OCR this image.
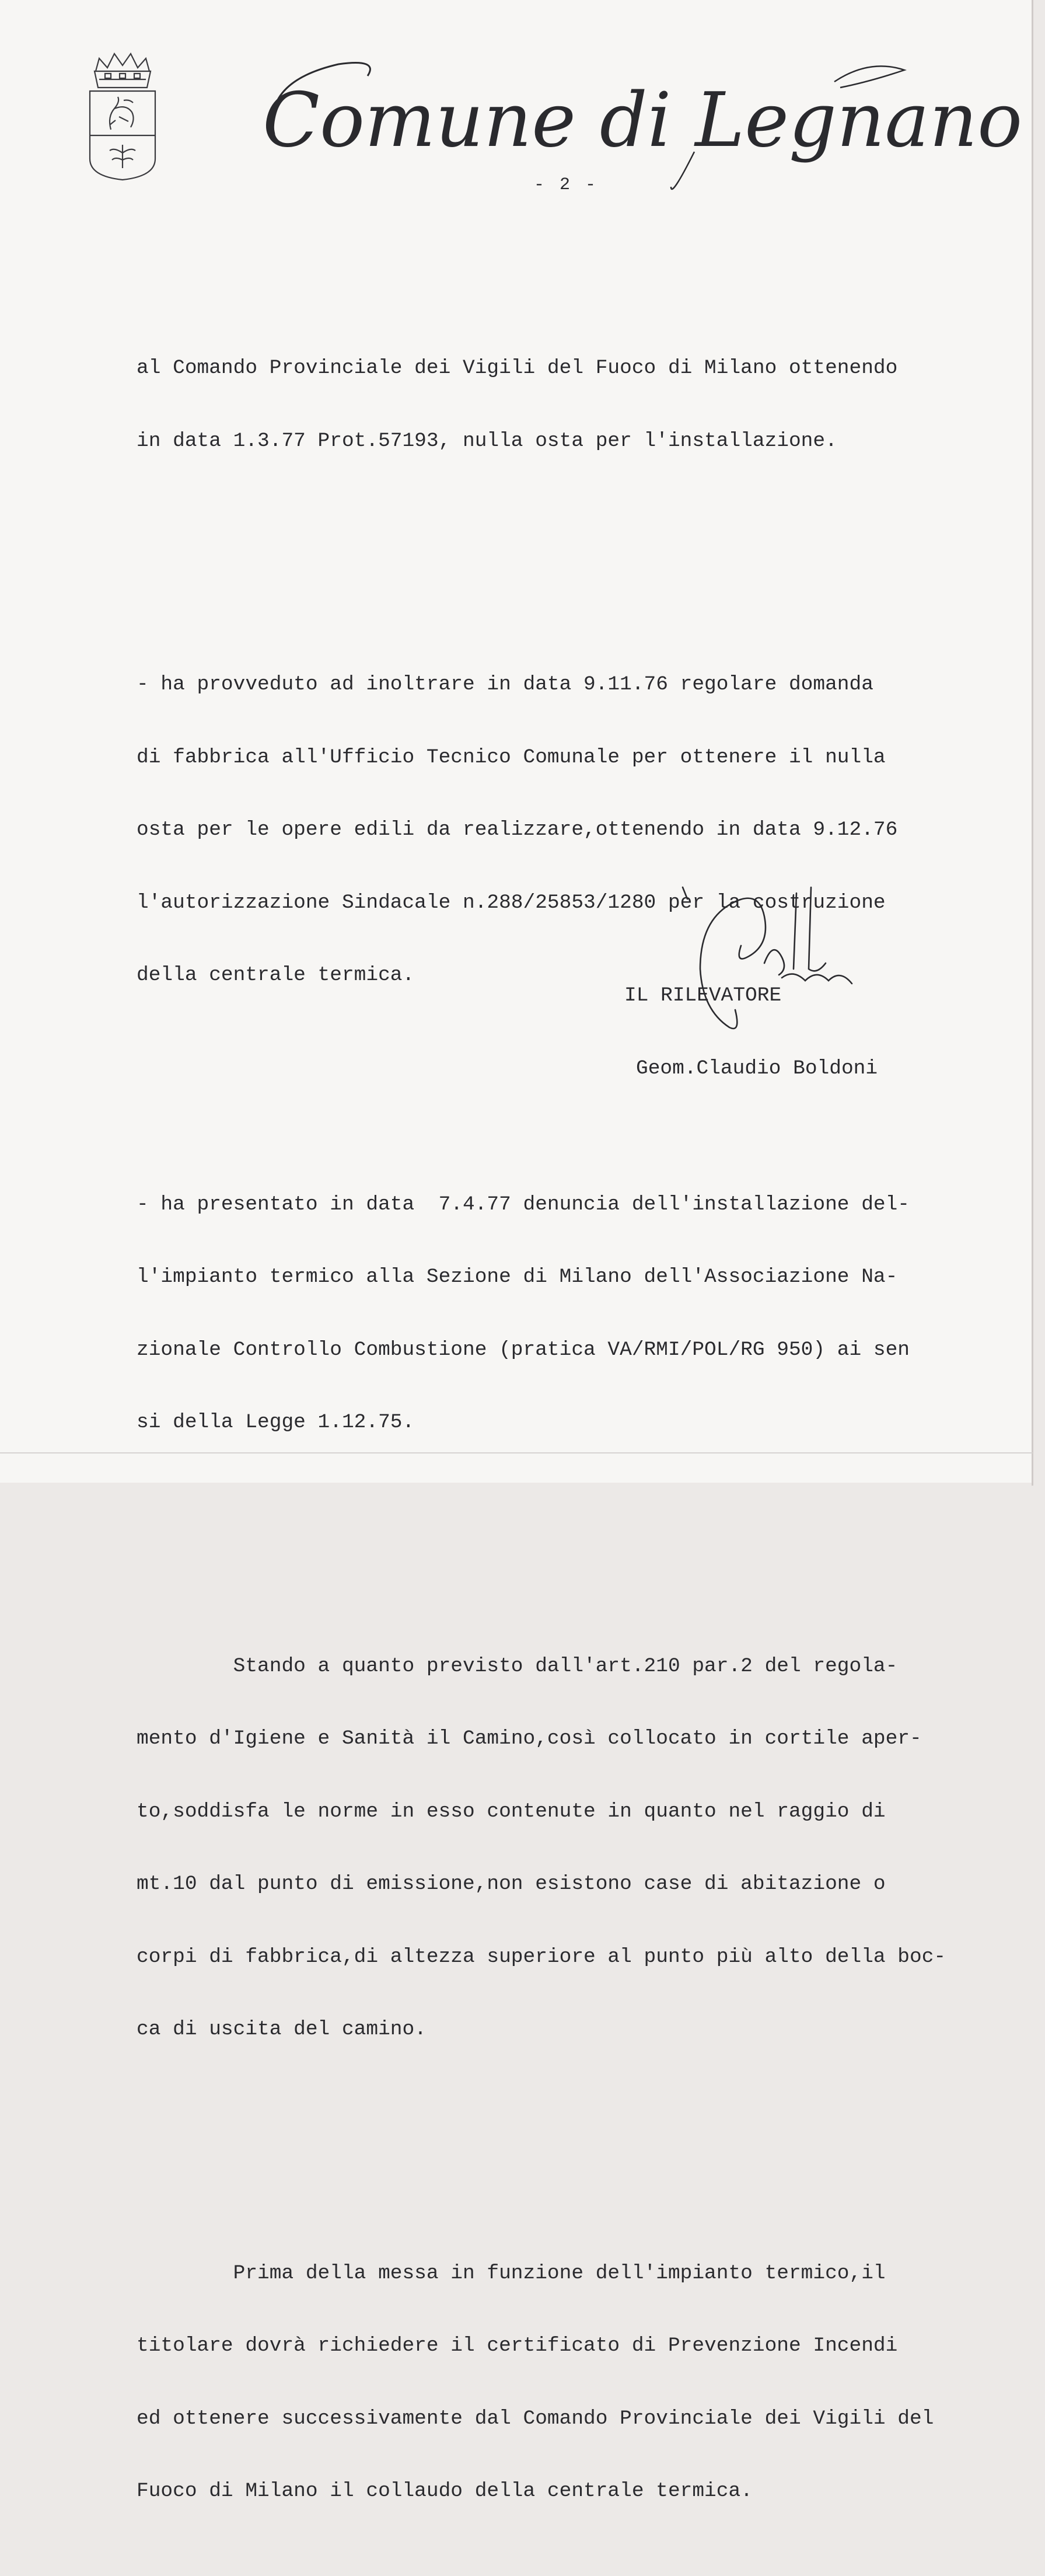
Comune di Legnano
- 2 -

al Comando Provinciale dei Vigili del Fuoco di Milano ottenendo

in data 1.3.77 Prot.57193, nulla osta per l'installazione.

- ha provveduto ad inoltrare in data 9.11.76 regolare domanda

di fabbrica all'Ufficio Tecnico Comunale per ottenere il nulla

osta per le opere edili da realizzare,ottenendo in data 9.12.76

l'autorizzazione Sindacale n.288/25853/1280 per la costruzione

della centrale termica.

- ha presentato in data  7.4.77 denuncia dell'installazione del-

l'impianto termico alla Sezione di Milano dell'Associazione Na-

zionale Controllo Combustione (pratica VA/RMI/POL/RG 950) ai sen

si della Legge 1.12.75.

Stando a quanto previsto dall'art.210 par.2 del regola-

mento d'Igiene e Sanità il Camino,così collocato in cortile aper-

to,soddisfa le norme in esso contenute in quanto nel raggio di

mt.10 dal punto di emissione,non esistono case di abitazione o

corpi di fabbrica,di altezza superiore al punto più alto della boc-

ca di uscita del camino.

Prima della messa in funzione dell'impianto termico,il

titolare dovrà richiedere il certificato di Prevenzione Incendi

ed ottenere successivamente dal Comando Provinciale dei Vigili del

Fuoco di Milano il collaudo della centrale termica.

IL RILEVATORE

Geom.Claudio Boldoni
